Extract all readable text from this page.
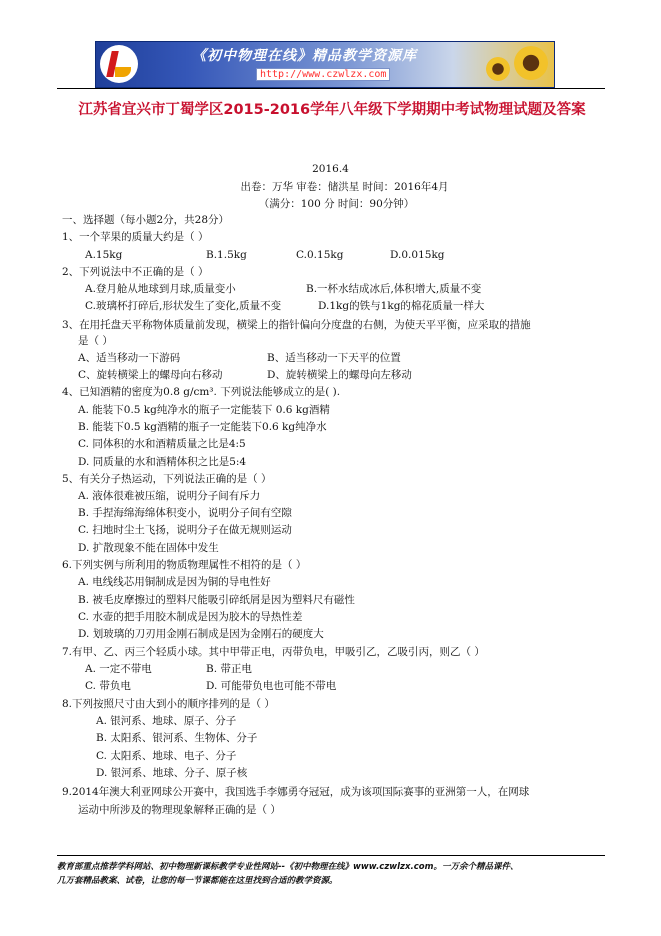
《初中物理在线》精品教学资源库
http://www.czwlzx.com
江苏省宜兴市丁蜀学区2015-2016学年八年级下学期期中考试物理试题及答案
2016.4
出卷：万华 审卷：储洪星 时间：2016年4月
（满分：100 分 时间：90分钟）
一、选择题（每小题2分，共28分）
1、一个苹果的质量大约是（ ）
A.15kg	B.1.5kg	C.0.15kg	D.0.015kg
2、下列说法中不正确的是（ ）
A.登月舱从地球到月球,质量变小	B.一杯水结成冰后,体积增大,质量不变
C.玻璃杯打碎后,形状发生了变化,质量不变	D.1kg的铁与1kg的棉花质量一样大
3、在用托盘天平称物体质量前发现，横梁上的指针偏向分度盘的右侧，为使天平平衡，应采取的措施
是（ ）
A、适当移动一下游码	B、适当移动一下天平的位置
C、旋转横梁上的螺母向右移动	D、旋转横梁上的螺母向左移动
4、已知酒精的密度为0.8 g/cm³. 下列说法能够成立的是( ).
A. 能装下0.5 kg纯净水的瓶子一定能装下 0.6 kg酒精
B. 能装下0.5 kg酒精的瓶子一定能装下0.6 kg纯净水
C. 同体积的水和酒精质量之比是4:5
D. 同质量的水和酒精体积之比是5:4
5、有关分子热运动，下列说法正确的是（ ）
A. 液体很难被压缩，说明分子间有斥力
B. 手捏海绵海绵体积变小，说明分子间有空隙
C. 扫地时尘土飞扬，说明分子在做无规则运动
D. 扩散现象不能在固体中发生
6.下列实例与所利用的物质物理属性不相符的是（ ）
A. 电线线芯用铜制成是因为铜的导电性好
B. 被毛皮摩擦过的塑料尺能吸引碎纸屑是因为塑料尺有磁性
C. 水壶的把手用胶木制成是因为胶木的导热性差
D. 划玻璃的刀刃用金刚石制成是因为金刚石的硬度大
7.有甲、乙、丙三个轻质小球。其中甲带正电，丙带负电，甲吸引乙，乙吸引丙，则乙（ ）
A. 一定不带电	B. 带正电
C. 带负电	D. 可能带负电也可能不带电
8.下列按照尺寸由大到小的顺序排列的是（ ）
A. 银河系、地球、原子、分子
B. 太阳系、银河系、生物体、分子
C. 太阳系、地球、电子、分子
D. 银河系、地球、分子、原子核
9.2014年澳大利亚网球公开赛中，我国选手李娜勇夺冠冠，成为该项国际赛事的亚洲第一人，在网球
运动中所涉及的物理现象解释正确的是（ ）
教育部重点推荐学科网站、初中物理新课标教学专业性网站--《初中物理在线》www.czwlzx.com。一万余个精品课件、
几万套精品教案、试卷，让您的每一节课都能在这里找到合适的教学资源。
